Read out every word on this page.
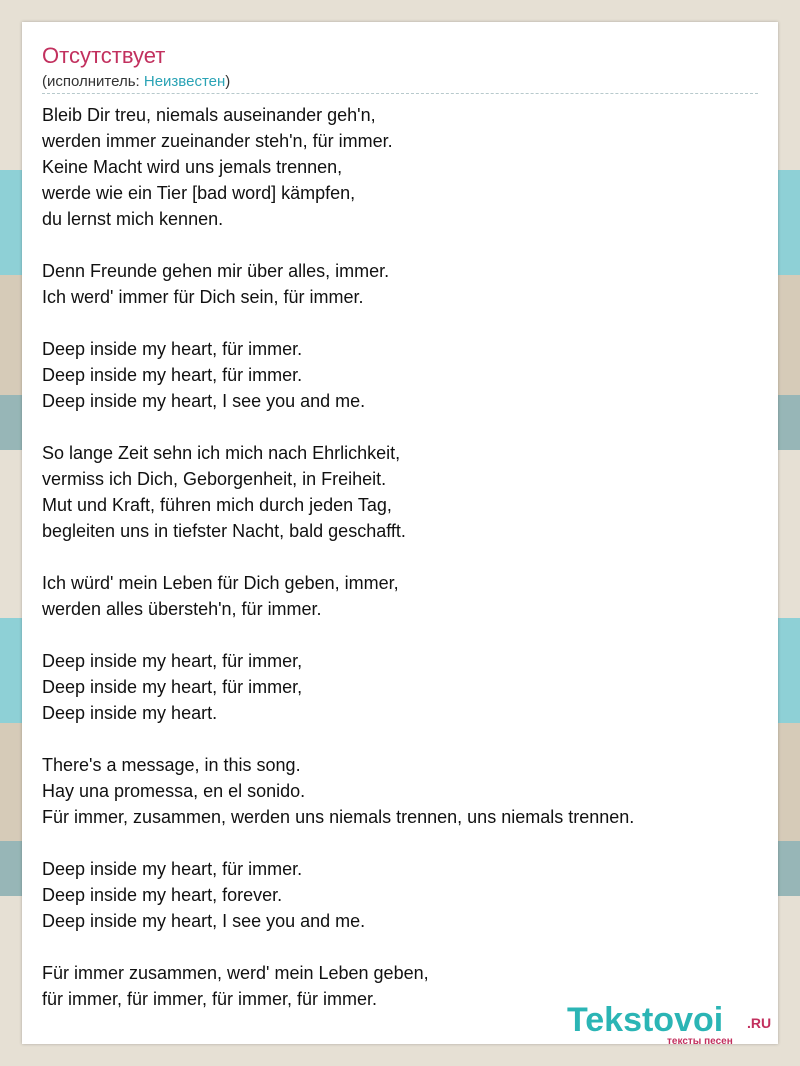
Отсутствует
(исполнитель: Неизвестен)
Bleib Dir treu, niemals auseinander geh'n,
werden immer zueinander steh'n, für immer.
Keine Macht wird uns jemals trennen,
werde wie ein Tier [bad word] kämpfen,
du lernst mich kennen.
Denn Freunde gehen mir über alles, immer.
Ich werd' immer für Dich sein, für immer.
Deep inside my heart, für immer.
Deep inside my heart, für immer.
Deep inside my heart, I see you and me.
So lange Zeit sehn ich mich nach Ehrlichkeit,
vermiss ich Dich, Geborgenheit, in Freiheit.
Mut und Kraft, führen mich durch jeden Tag,
begleiten uns in tiefster Nacht, bald geschafft.
Ich würd' mein Leben für Dich geben, immer,
werden alles übersteh'n, für immer.
Deep inside my heart, für immer,
Deep inside my heart, für immer,
Deep inside my heart.
There's a message, in this song.
Hay una promessa, en el sonido.
Für immer, zusammen, werden uns niemals trennen, uns niemals trennen.
Deep inside my heart, für immer.
Deep inside my heart, forever.
Deep inside my heart, I see you and me.
Für immer zusammen, werd' mein Leben geben,
für immer, für immer, für immer, für immer.
Tekstovoi .RU
тексты песен
